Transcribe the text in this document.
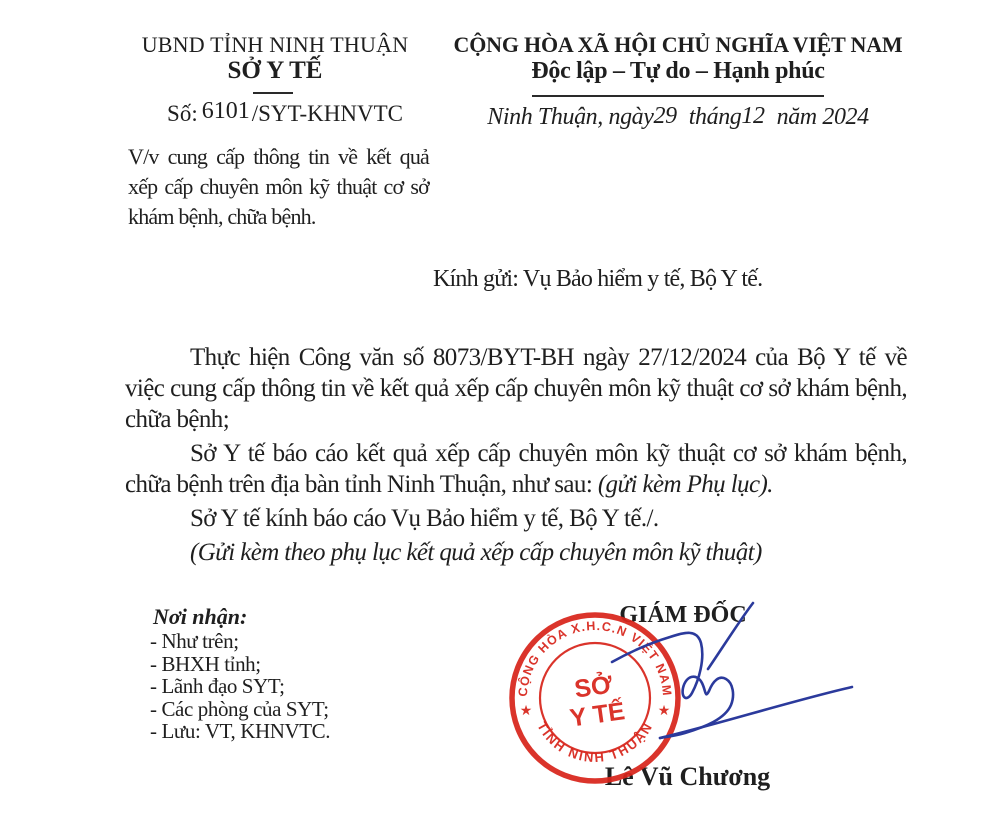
UBND TỈNH NINH THUẬN
SỞ Y TẾ
Số: 6101/SYT-KHNVTC
V/v cung cấp thông tin về kết quả xếp cấp chuyên môn kỹ thuật cơ sở khám bệnh, chữa bệnh.
CỘNG HÒA XÃ HỘI CHỦ NGHĨA VIỆT NAM
Độc lập – Tự do – Hạnh phúc
Ninh Thuận, ngày29 tháng12 năm 2024
Kính gửi: Vụ Bảo hiểm y tế, Bộ Y tế.

Thực hiện Công văn số 8073/BYT-BH ngày 27/12/2024 của Bộ Y tế về việc cung cấp thông tin về kết quả xếp cấp chuyên môn kỹ thuật cơ sở khám bệnh, chữa bệnh;

Sở Y tế báo cáo kết quả xếp cấp chuyên môn kỹ thuật cơ sở khám bệnh, chữa bệnh trên địa bàn tỉnh Ninh Thuận, như sau: (gửi kèm Phụ lục).

Sở Y tế kính báo cáo Vụ Bảo hiểm y tế, Bộ Y tế./.

(Gửi kèm theo phụ lục kết quả xếp cấp chuyên môn kỹ thuật)

Nơi nhận:
- Như trên;
- BHXH tỉnh;
- Lãnh đạo SYT;
- Các phòng của SYT;
- Lưu: VT, KHNVTC.
GIÁM ĐỐC
CỘNG HÒA X.H.C.N VIỆT NAM
TỈNH NINH THUẬN
★	★
SỞ
Y TẾ
Lê Vũ Chương
